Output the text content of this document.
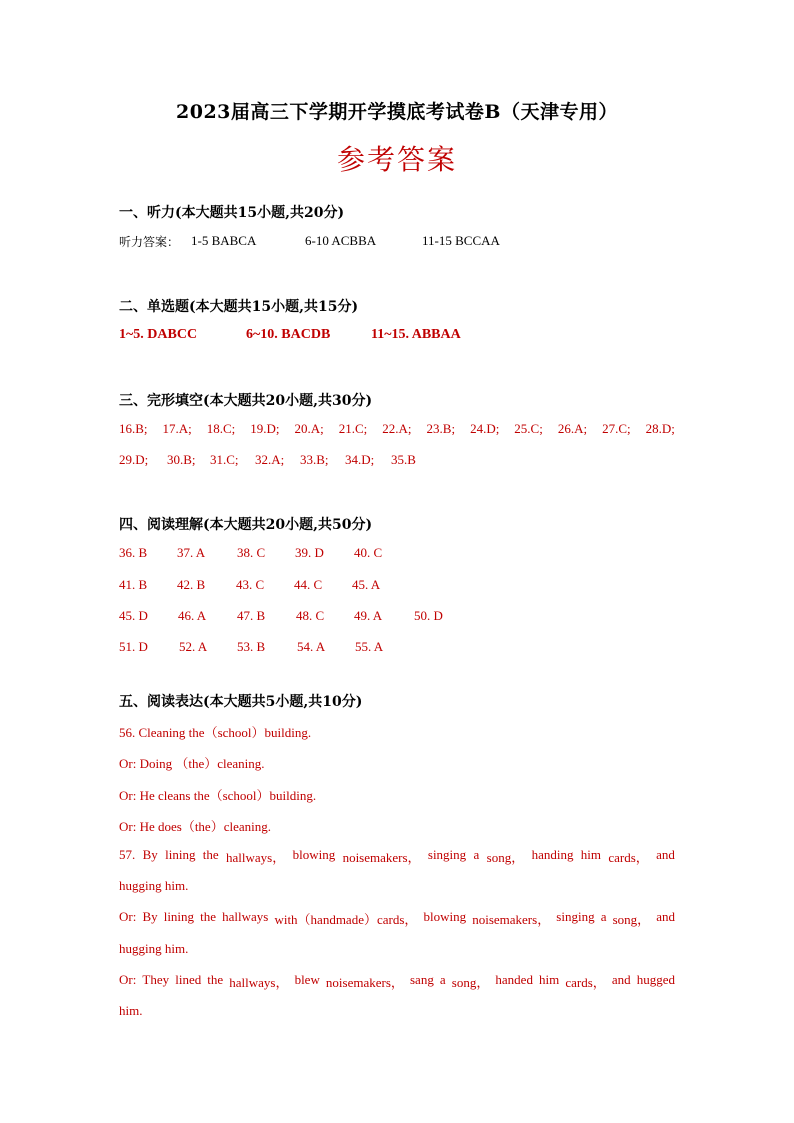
2023届高三下学期开学摸底考试卷B（天津专用）
参考答案
一、听力(本大题共15小题,共20分)
听力答案： 1-5 BABCA	6-10 ACBBA	11-15 BCCAA
二、单选题(本大题共15小题,共15分)
1~5. DABCC	6~10. BACDB	11~15. ABBAA
三、完形填空(本大题共20小题,共30分)
16.B; 17.A; 18.C; 19.D; 20.A; 21.C; 22.A; 23.B; 24.D; 25.C; 26.A; 27.C; 28.D;
29.D; 30.B; 31.C; 32.A; 33.B; 34.D; 35.B
四、阅读理解(本大题共20小题,共50分)
36. B 37. A 38. C 39. D 40. C
41. B 42. B 43. C 44. C 45. A
45. D 46. A 47. B 48. C 49. A 50. D
51. D 52. A 53. B 54. A 55. A
五、阅读表达(本大题共5小题,共10分)
56. Cleaning the（school）building.
Or: Doing （the）cleaning.
Or: He cleans the（school）building.
Or: He does（the）cleaning.
57. By lining the hallways， blowing noisemakers， singing a song， handing him cards， and
hugging him.
Or: By lining the hallways with（handmade）cards， blowing noisemakers， singing a song， and
hugging him.
Or: They lined the hallways， blew noisemakers， sang a song， handed him cards， and hugged
him.
